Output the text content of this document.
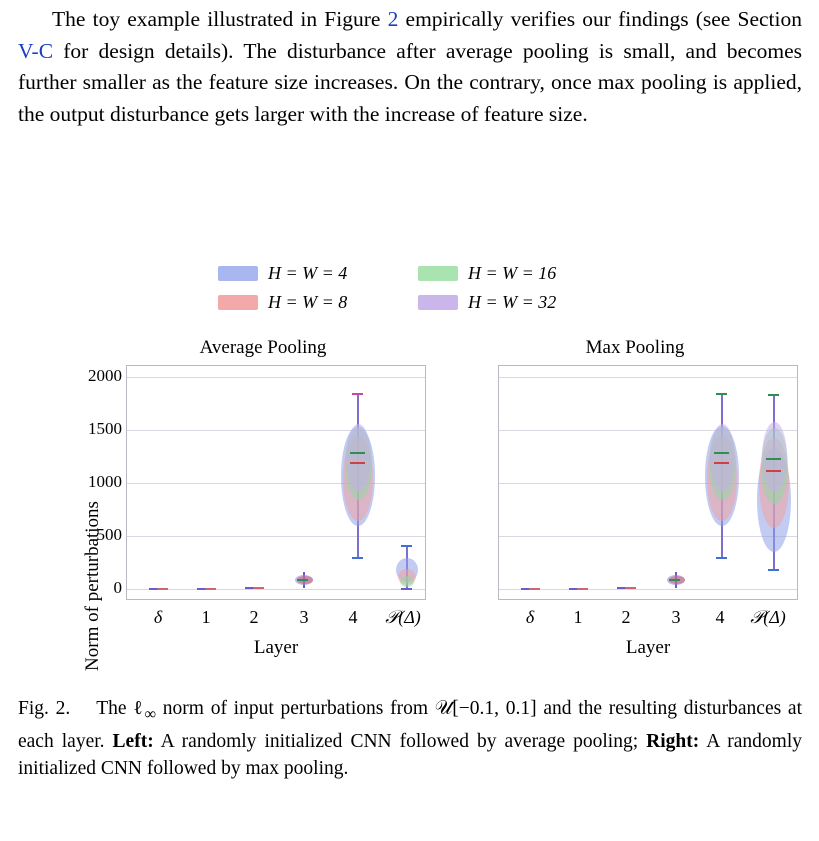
The toy example illustrated in Figure 2 empirically verifies our findings (see Section V-C for design details). The disturbance after average pooling is small, and becomes further smaller as the feature size increases. On the contrary, once max pooling is applied, the output disturbance gets larger with the increase of feature size.
H = W = 4	H = W = 16
H = W = 8	H = W = 32
Norm of perturbations
Average Pooling
0
500
1000
1500
2000
δ 1 2 3 4 𝒫(Δ)
Layer
Max Pooling
δ 1 2 3 4 𝒫(Δ)
Layer
Fig. 2. The ℓ$_\infty$ norm of input perturbations from 𝒰[−0.1, 0.1] and the resulting disturbances at each layer. Left: A randomly initialized CNN followed by average pooling; Right: A randomly initialized CNN followed by max pooling.
